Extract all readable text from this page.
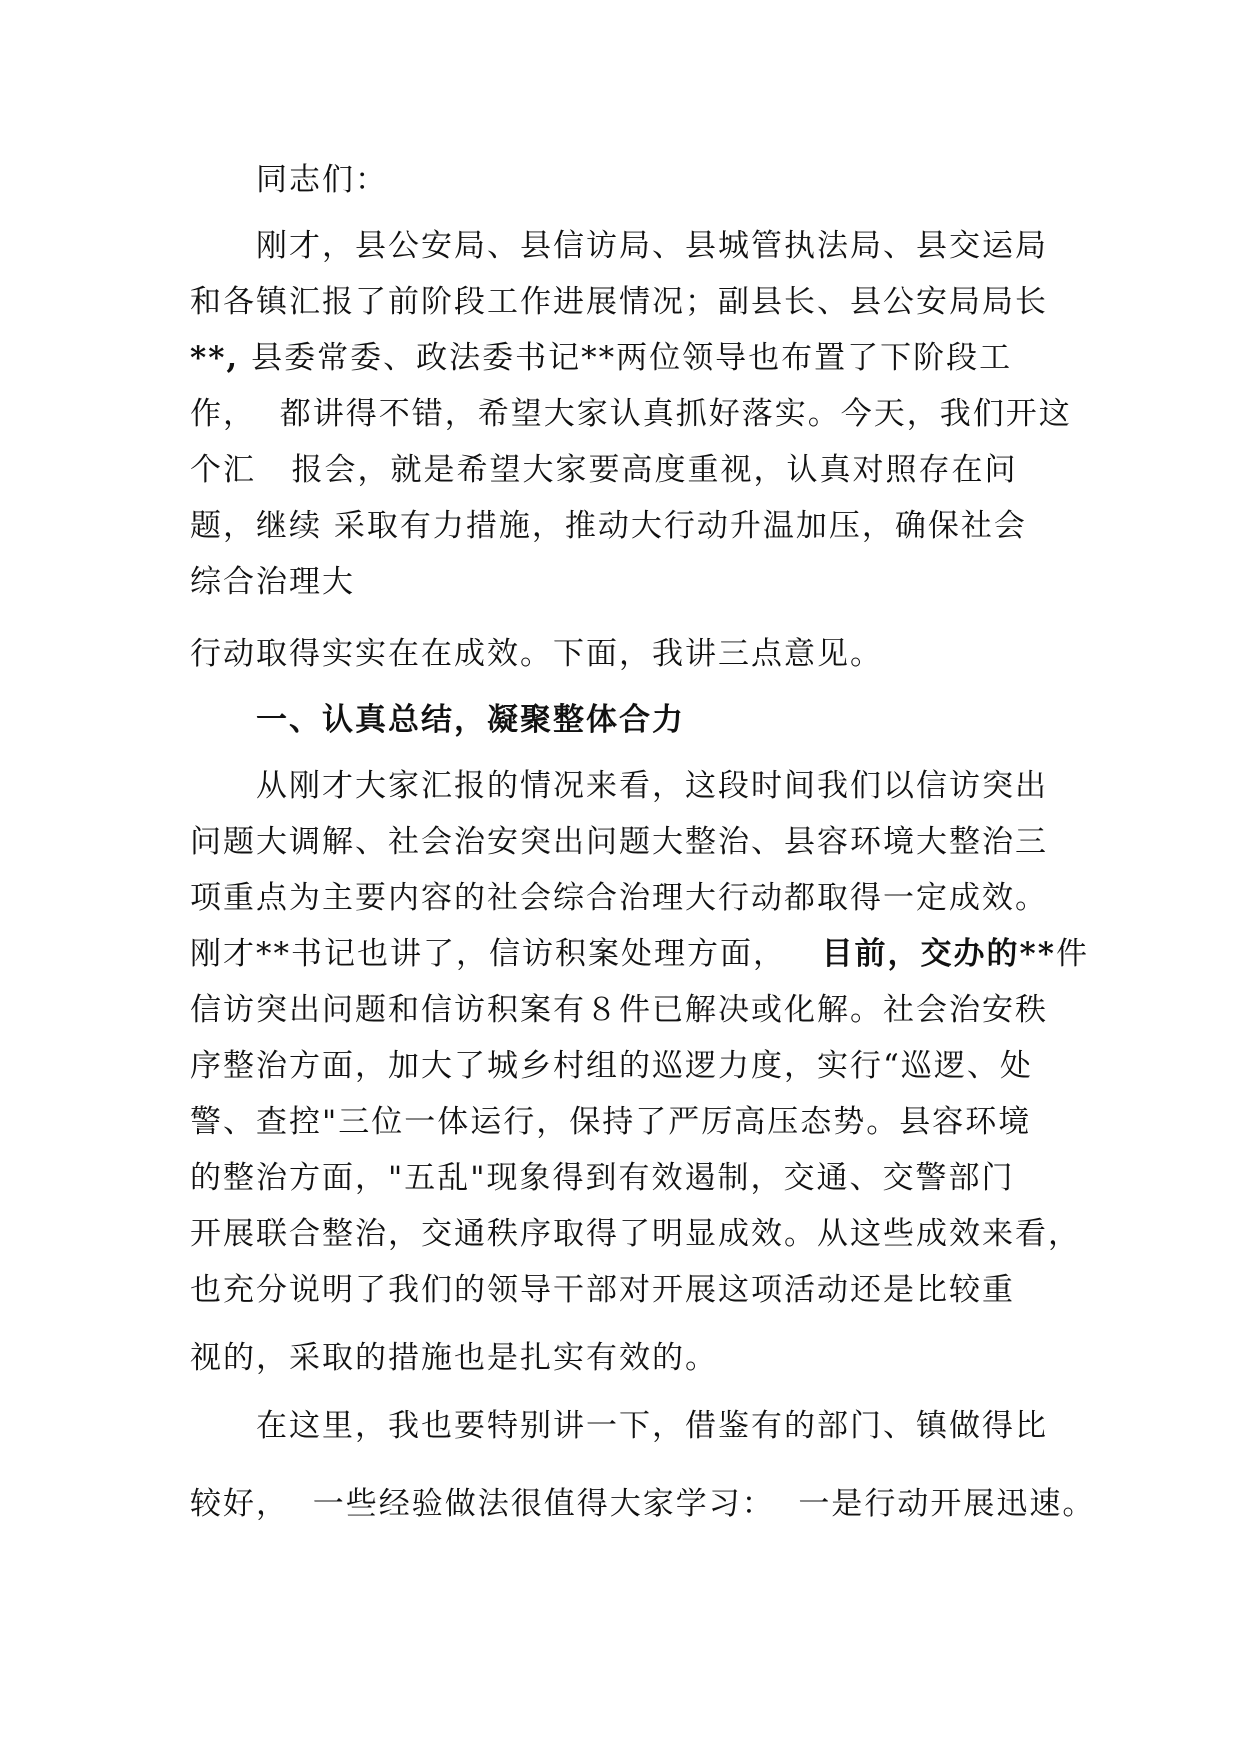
同志们：
刚才，县公安局、县信访局、县城管执法局、县交运局
和各镇汇报了前阶段工作进展情况；副县长、县公安局局长
**, 县委常委、政法委书记**两位领导也布置了下阶段工
作，  都讲得不错，希望大家认真抓好落实。今天，我们开这
个汇   报会，就是希望大家要高度重视，认真对照存在问
题，继续 采取有力措施，推动大行动升温加压，确保社会
综合治理大
行动取得实实在在成效。下面，我讲三点意见。
一、认真总结，凝聚整体合力
从刚才大家汇报的情况来看，这段时间我们以信访突出
问题大调解、社会治安突出问题大整治、县容环境大整治三
项重点为主要内容的社会综合治理大行动都取得一定成效。
刚才**书记也讲了，信访积案处理方面，   目前，交办的**件
信访突出问题和信访积案有８件已解决或化解。社会治安秩
序整治方面，加大了城乡村组的巡逻力度，实行“巡逻、处
警、查控"三位一体运行，保持了严厉高压态势。县容环境
的整治方面，"五乱"现象得到有效遏制，交通、交警部门
开展联合整治，交通秩序取得了明显成效。从这些成效来看，
也充分说明了我们的领导干部对开展这项活动还是比较重
视的，采取的措施也是扎实有效的。
在这里，我也要特别讲一下，借鉴有的部门、镇做得比
较好，  一些经验做法很值得大家学习：  一是行动开展迅速。
